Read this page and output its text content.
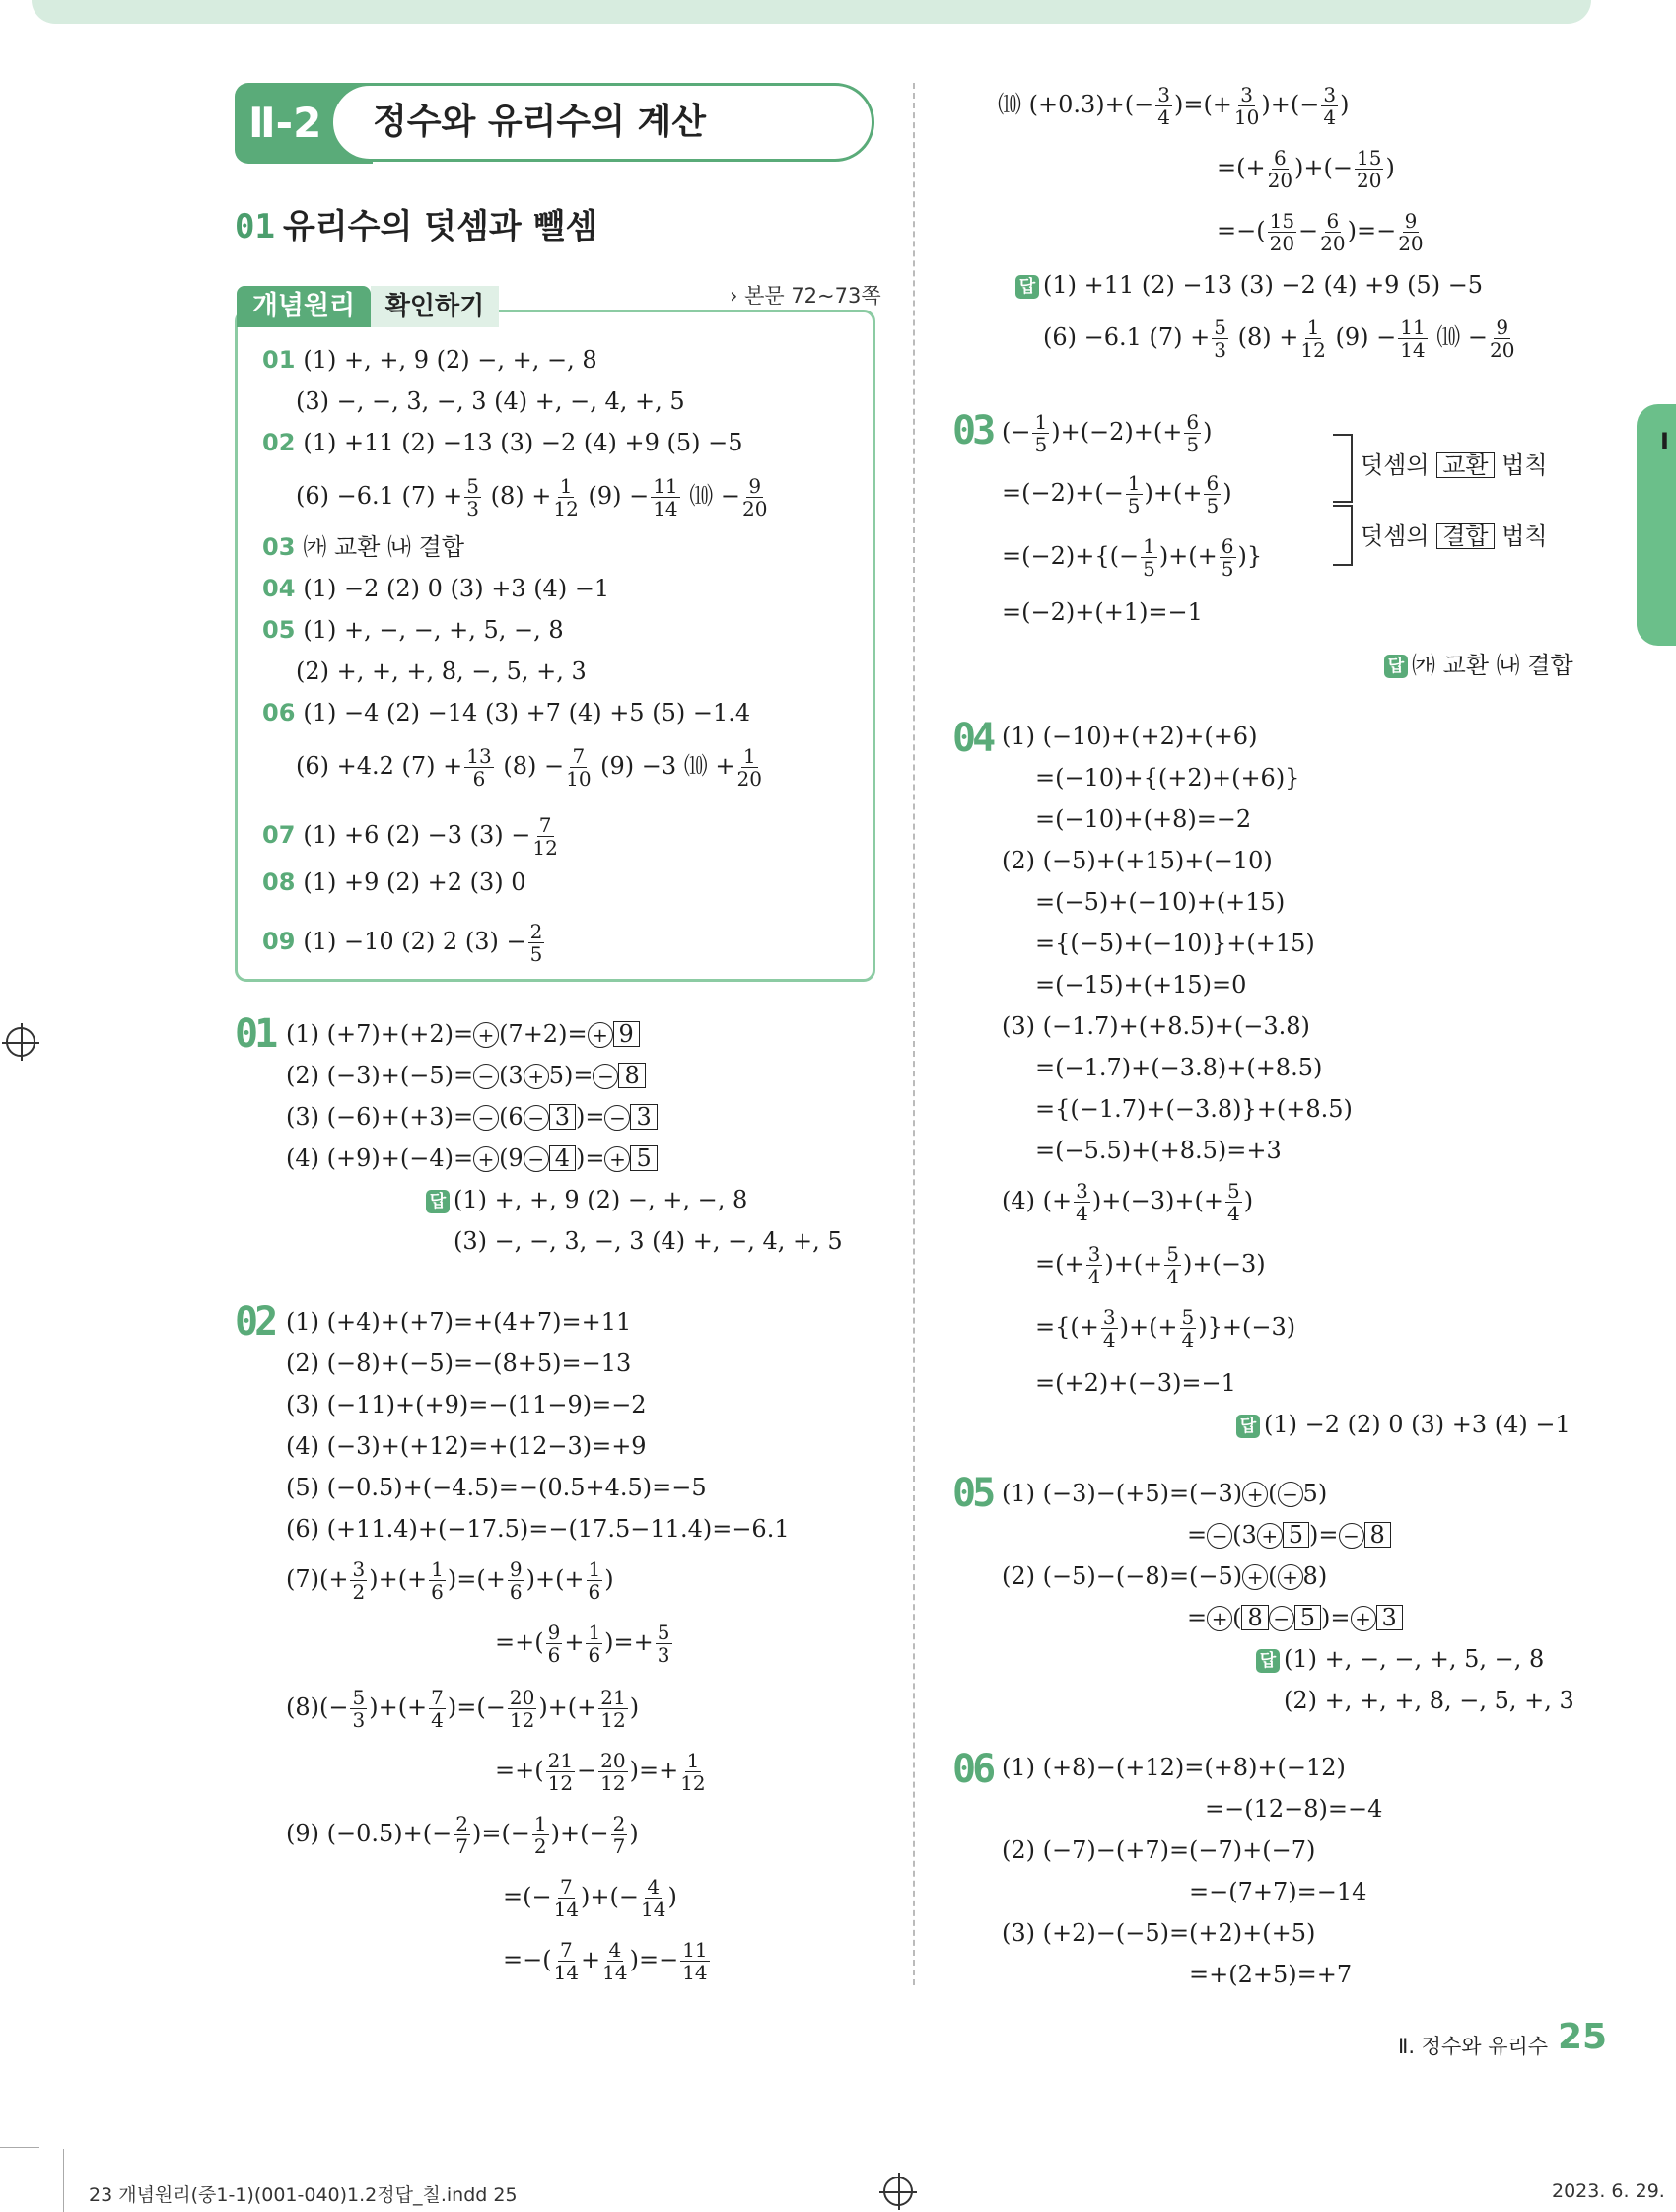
Ⅰ
Ⅱ-2	정수와 유리수의 계산
01 유리수의 덧셈과 뺄셈
개념원리	확인하기	› 본문 72∼73쪽
01 (1) +, +, 9 (2) −, +, −, 8
(3) −, −, 3, −, 3 (4) +, −, 4, +, 5
02 (1) +11 (2) −13 (3) −2 (4) +9 (5) −5
(6) −6.1 $(7) + \frac{5}{3} (8) + \frac{1}{12} (9) - \frac{11}{14}$ ⑽ − $\frac{9}{20}$
03 ㈎ 교환 ㈏ 결합
04 (1) −2 (2) 0 (3) +3 (4) −1
05 (1) +, −, −, +, 5, −, 8
(2) +, +, +, 8, −, 5, +, 3
06 (1) −4 (2) −14 (3) +7 (4) +5 (5) −1.4
(6) +4.2 $(7) + \frac{13}{6} (8) - \frac{7}{10} (9) -3$ ⑽ + $\frac{1}{20}$
07 (1) +6 (2) −3 $(3) - \frac{7}{12}$
08 (1) +9 (2) +2 (3) 0
09 (1) −10 (2) 2 $(3) - \frac{2}{5}$
01 (1) (+7)+(+2)= + (7+2)= + 9
(2) (−3)+(−5)= − (3 + 5)= − 8
(3) (−6)+(+3)= − (6 − 3 )= − 3
(4) (+9)+(−4)= + (9 − 4 )= + 5
답 (1) +, +, 9 (2) −, +, −, 8
(3) −, −, 3, −, 3 (4) +, −, 4, +, 5
02 (1) (+4)+(+7)=+(4+7)=+11
(2) (−8)+(−5)=−(8+5)=−13
(3) (−11)+(+9)=−(11−9)=−2
(4) (−3)+(+12)=+(12−3)=+9
(5) (−0.5)+(−4.5)=−(0.5+4.5)=−5
(6) (+11.4)+(−17.5)=−(17.5−11.4)=−6.1
$(7)(+ \frac{3}{2}$ )+(+ $\frac{1}{6}$ )=(+ $\frac{9}{6}$ )+(+ $\frac{1}{6}$ )
=+( $\frac{9}{6} + \frac{1}{6}$ )=+ $\frac{5}{3}$
$(8)(- \frac{5}{3}$ )+(+ $\frac{7}{4}$ )=(− $\frac{20}{12}$ )+(+ $\frac{21}{12}$ )
=+( $\frac{21}{12} - \frac{20}{12}$ )=+ $\frac{1}{12}$
(9) $(-0.5)+(- \frac{2}{7}$ )=(− $\frac{1}{2}$ )+(− $\frac{2}{7}$ )
=(− $\frac{7}{14}$ )+(− $\frac{4}{14}$ )
=−( $\frac{7}{14} + \frac{4}{14}$ )=− $\frac{11}{14}$
⑽ $(+0.3)+(- \frac{3}{4}$ )=(+ $\frac{3}{10}$ )+(− $\frac{3}{4}$ )
=(+ $\frac{6}{20}$ )+(− $\frac{15}{20}$ )
=−( $\frac{15}{20} - \frac{6}{20}$ )=− $\frac{9}{20}$
답 (1) +11 (2) −13 (3) −2 (4) +9 (5) −5
(6) −6.1 $(7) + \frac{5}{3} (8) + \frac{1}{12} (9) - \frac{11}{14}$ ⑽ − $\frac{9}{20}$
03 (− $\frac{1}{5} )+(-2)+(+ \frac{6}{5}$ )
$=(-2)+(- \frac{1}{5}$ )+(+ $\frac{6}{5}$ )
$=(-2)+\{(- \frac{1}{5}$ )+(+ $\frac{6}{5}$ )}
=(−2)+(+1)=−1
덧셈의 교환 법칙
덧셈의 결합 법칙
답 ㈎ 교환 ㈏ 결합
04 (1) (−10)+(+2)+(+6)
=(−10)+{(+2)+(+6)}
=(−10)+(+8)=−2
(2) (−5)+(+15)+(−10)
=(−5)+(−10)+(+15)
={(−5)+(−10)}+(+15)
=(−15)+(+15)=0
(3) (−1.7)+(+8.5)+(−3.8)
=(−1.7)+(−3.8)+(+8.5)
={(−1.7)+(−3.8)}+(+8.5)
=(−5.5)+(+8.5)=+3
(4) (+ $\frac{3}{4} )+(-3)+(+ \frac{5}{4}$ )
=(+ $\frac{3}{4}$ )+(+ $\frac{5}{4} )+(-3)$
={(+ $\frac{3}{4}$ )+(+ $\frac{5}{4} )\}+(-3)$
=(+2)+(−3)=−1
답 (1) −2 (2) 0 (3) +3 (4) −1
05 (1) (−3)−(+5)=(−3) + ( − 5)
= − (3 + 5 )= − 8
(2) (−5)−(−8)=(−5) + ( + 8)
= + ( 8 − 5 )= + 3
답 (1) +, −, −, +, 5, −, 8
(2) +, +, +, 8, −, 5, +, 3
06 (1) (+8)−(+12)=(+8)+(−12)
=−(12−8)=−4
(2) (−7)−(+7)=(−7)+(−7)
=−(7+7)=−14
(3) (+2)−(−5)=(+2)+(+5)
=+(2+5)=+7
Ⅱ. 정수와 유리수 25
23 개념원리(중1-1)(001-040)1.2정답_칠.indd 25	2023. 6. 29.
